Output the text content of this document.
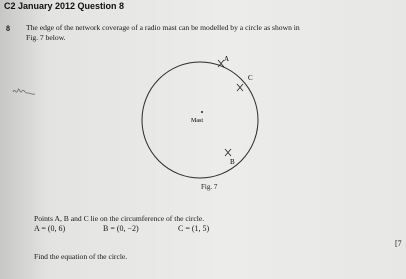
C2 January 2012 Question 8
8 The edge of the network coverage of a radio mast can be modelled by a circle as shown in
Fig. 7 below.
A
C
Mast
B
Fig. 7
Points A, B and C lie on the circumference of the circle.
A = (0, 6)	B = (0, −2)	C = (1, 5)
Find the equation of the circle.
[7
